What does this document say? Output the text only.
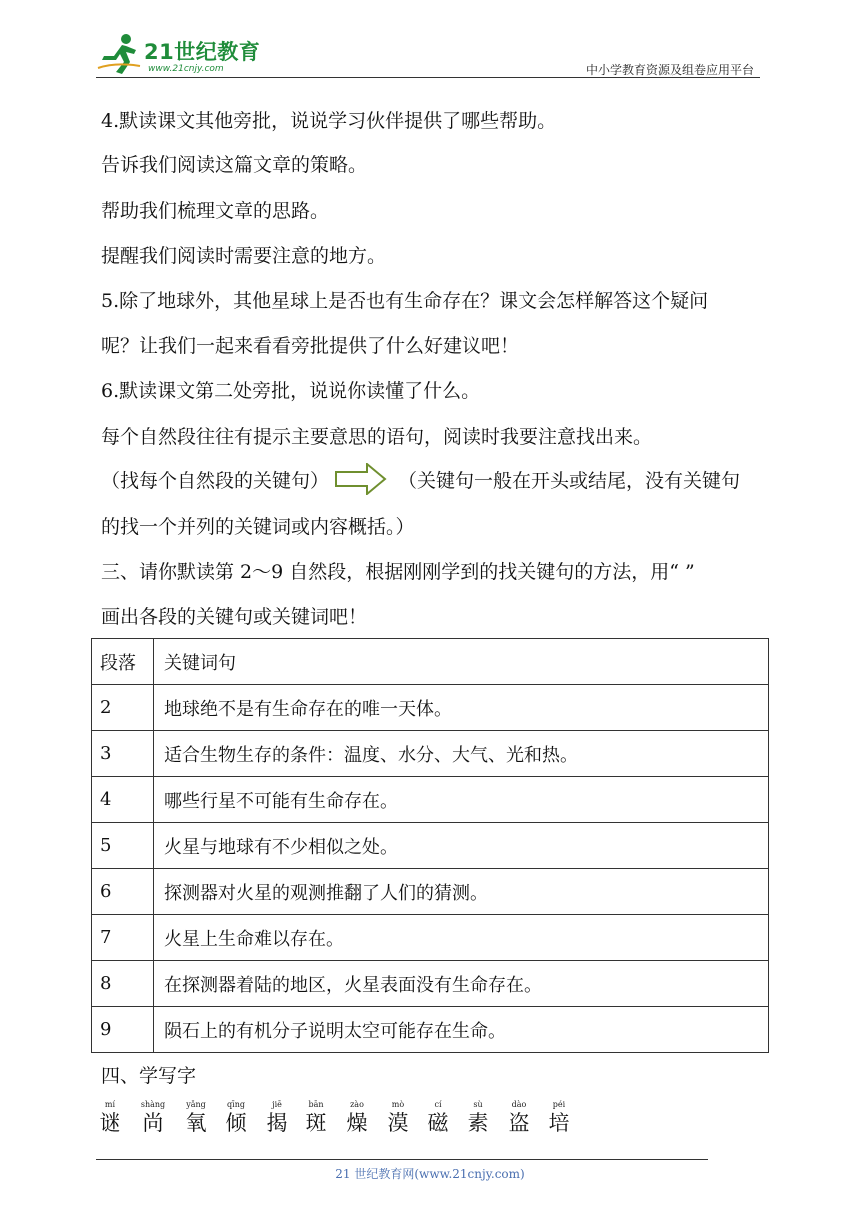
21世纪教育
www.21cnjy.com	中小学教育资源及组卷应用平台
4.默读课文其他旁批，说说学习伙伴提供了哪些帮助。
告诉我们阅读这篇文章的策略。
帮助我们梳理文章的思路。
提醒我们阅读时需要注意的地方。
5.除了地球外，其他星球上是否也有生命存在？课文会怎样解答这个疑问
呢？让我们一起来看看旁批提供了什么好建议吧！
6.默读课文第二处旁批，说说你读懂了什么。
每个自然段往往有提示主要意思的语句，阅读时我要注意找出来。
（找每个自然段的关键句）	（关键句一般在开头或结尾，没有关键句
的找一个并列的关键词或内容概括。）
三、请你默读第 2～9 自然段，根据刚刚学到的找关键句的方法，用“ ”
画出各段的关键句或关键词吧！
段落	关键词句
2	地球绝不是有生命存在的唯一天体。
3	适合生物生存的条件：温度、水分、大气、光和热。
4	哪些行星不可能有生命存在。
5	火星与地球有不少相似之处。
6	探测器对火星的观测推翻了人们的猜测。
7	火星上生命难以存在。
8	在探测器着陆的地区，火星表面没有生命存在。
9	陨石上的有机分子说明太空可能存在生命。
四、学写字
mí
谜
shàng
尚
yǎng
氧
qīng
倾
jiē
揭
bān
斑
zào
燥
mò
漠
cí
磁
sù
素
dào
盗
péi
培
21 世纪教育网(www.21cnjy.com)
